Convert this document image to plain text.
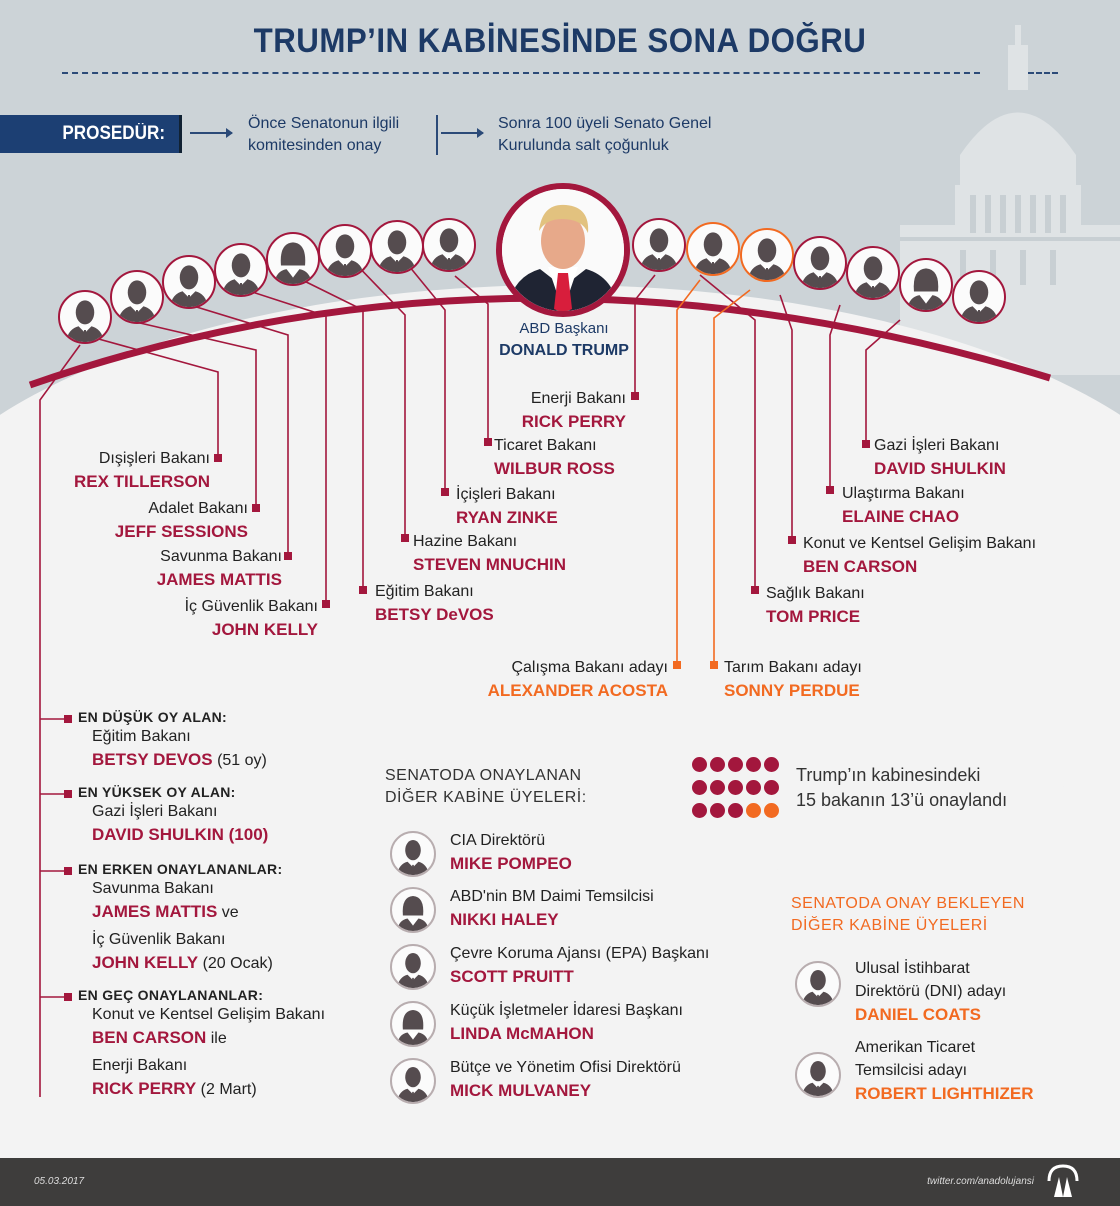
TRUMP’IN KABİNESİNDE SONA DOĞRU
PROSEDÜR:	Önce Senatonun ilgili
komitesinden onay
Sonra 100 üyeli Senato Genel
Kurulunda salt çoğunluk
ABD Başkanı
DONALD TRUMP
Dışişleri Bakanı
REX TILLERSON
Adalet Bakanı
JEFF SESSIONS
Savunma Bakanı
JAMES MATTIS
İç Güvenlik Bakanı
JOHN KELLY
Eğitim Bakanı
BETSY DeVOS
Hazine Bakanı
STEVEN MNUCHIN
İçişleri Bakanı
RYAN ZINKE
Ticaret Bakanı
WILBUR ROSS
Enerji Bakanı
RICK PERRY
Çalışma Bakanı adayı
ALEXANDER ACOSTA
Tarım Bakanı adayı
SONNY PERDUE
Sağlık Bakanı
TOM PRICE
Konut ve Kentsel Gelişim Bakanı
BEN CARSON
Ulaştırma Bakanı
ELAINE CHAO
Gazi İşleri Bakanı
DAVID SHULKIN
EN DÜŞÜK OY ALAN:
Eğitim Bakanı
BETSY DEVOS (51 oy)
EN YÜKSEK OY ALAN:
Gazi İşleri Bakanı
DAVID SHULKIN (100)
EN ERKEN ONAYLANANLAR:
Savunma Bakanı
JAMES MATTIS ve
İç Güvenlik Bakanı
JOHN KELLY (20 Ocak)
EN GEÇ ONAYLANANLAR:
Konut ve Kentsel Gelişim Bakanı
BEN CARSON ile
Enerji Bakanı
RICK PERRY (2 Mart)
SENATODA ONAYLANAN
DİĞER KABİNE ÜYELERİ:
CIA Direktörü
MIKE POMPEO
ABD'nin BM Daimi Temsilcisi
NIKKI HALEY
Çevre Koruma Ajansı (EPA) Başkanı
SCOTT PRUITT
Küçük İşletmeler İdaresi Başkanı
LINDA McMAHON
Bütçe ve Yönetim Ofisi Direktörü
MICK MULVANEY

Trump’ın kabinesindeki
15 bakanın 13’ü onaylandı
SENATODA ONAY BEKLEYEN
DİĞER KABİNE ÜYELERİ
Ulusal İstihbarat
Direktörü (DNI) adayı
DANIEL COATS
Amerikan Ticaret
Temsilcisi adayı
ROBERT LIGHTHIZER
05.03.2017	twitter.com/anadolujansi
